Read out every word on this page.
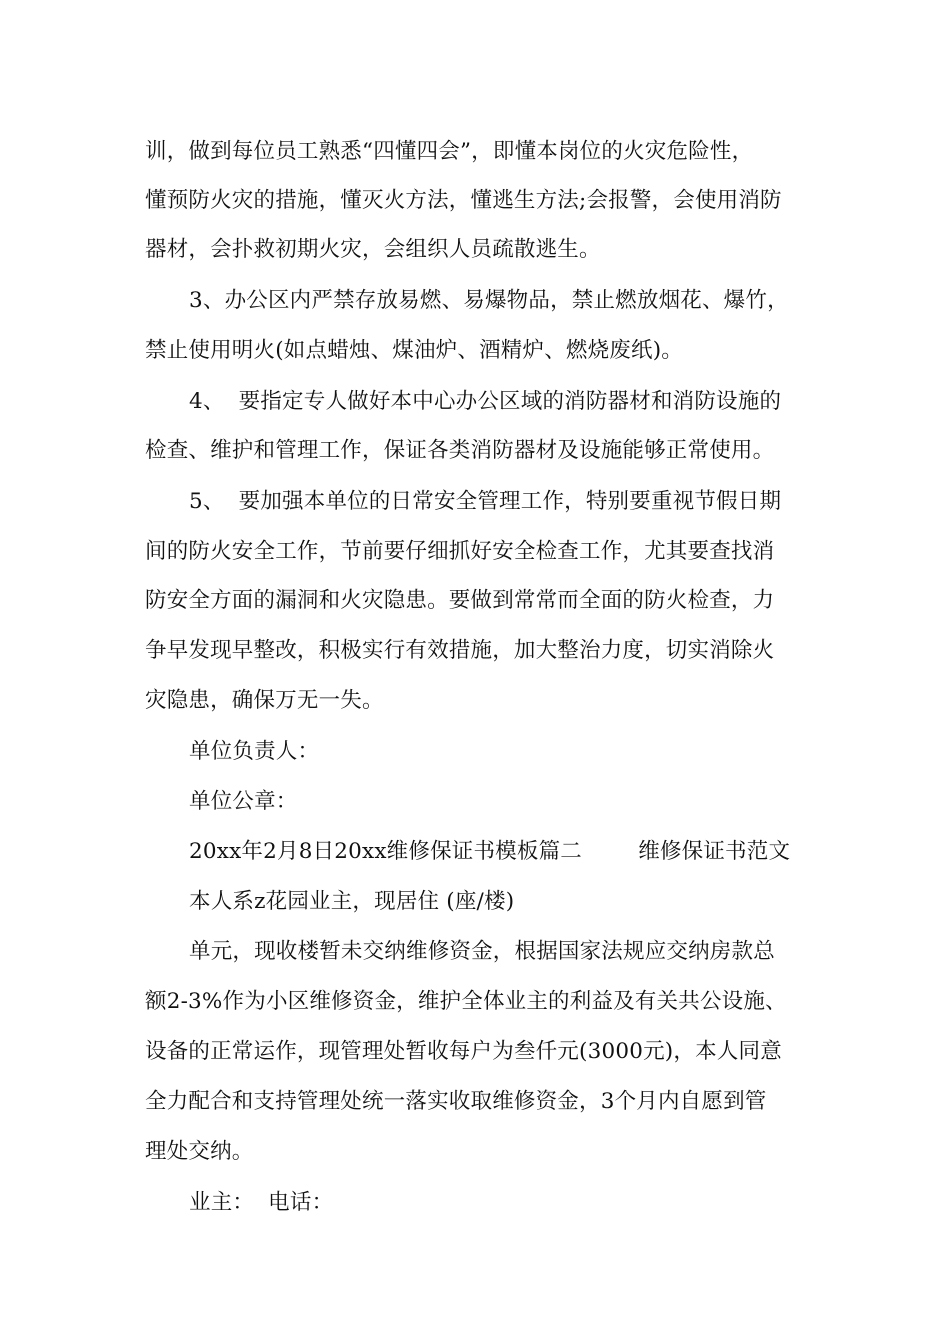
训，做到每位员工熟悉“四懂四会”，即懂本岗位的火灾危险性，
懂预防火灾的措施，懂灭火方法，懂逃生方法;会报警，会使用消防
器材，会扑救初期火灾，会组织人员疏散逃生。
3、办公区内严禁存放易燃、易爆物品，禁止燃放烟花、爆竹，
禁止使用明火(如点蜡烛、煤油炉、酒精炉、燃烧废纸)。
4、  要指定专人做好本中心办公区域的消防器材和消防设施的
检查、维护和管理工作，保证各类消防器材及设施能够正常使用。
5、  要加强本单位的日常安全管理工作，特别要重视节假日期
间的防火安全工作，节前要仔细抓好安全检查工作，尤其要查找消
防安全方面的漏洞和火灾隐患。要做到常常而全面的防火检查，力
争早发现早整改，积极实行有效措施，加大整治力度，切实消除火
灾隐患，确保万无一失。
单位负责人：
单位公章：
20xx年2月8日20xx维修保证书模板篇二        维修保证书范文
本人系z花园业主，现居住 (座/楼)
单元，现收楼暂未交纳维修资金，根据国家法规应交纳房款总
额2-3%作为小区维修资金，维护全体业主的利益及有关共公设施、
设备的正常运作，现管理处暂收每户为叁仟元(3000元)，本人同意
全力配合和支持管理处统一落实收取维修资金，3个月内自愿到管
理处交纳。
业主：  电话：
